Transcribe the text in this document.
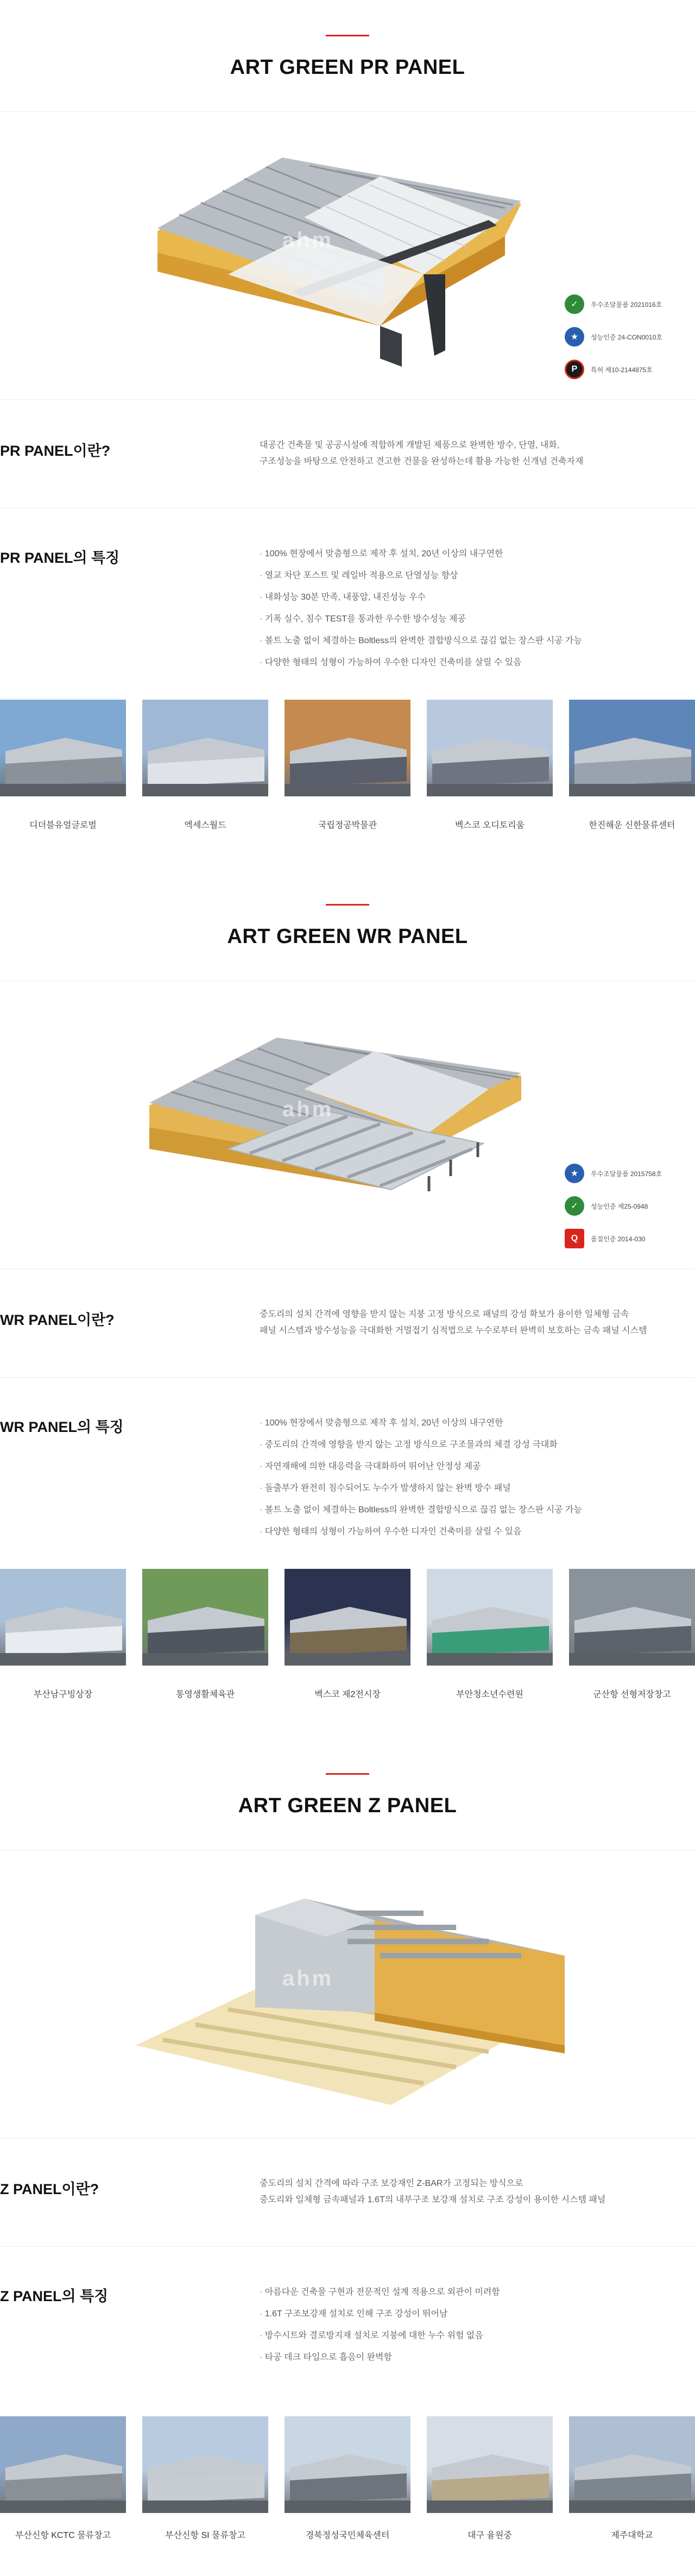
ART GREEN PR PANEL
ahm
✓	우수조달물품 2021016호
★	성능인증 24-CON0010호
P	특허 제10-2144875호
PR PANEL이란?	대공간 건축물 및 공공시설에 적합하게 개발된 제품으로 완벽한 방수, 단열, 내화,
구조성능을 바탕으로 안전하고 견고한 건물을 완성하는데 활용 가능한 신개념 건축자재
PR PANEL의 특징	· 100% 현장에서 맞춤형으로 제작 후 설치, 20년 이상의 내구연한
· 열교 차단 포스트 및 레일바 적용으로 단열성능 향상
· 내화성능 30분 만족, 내풍압, 내진성능 우수
· 기폭 실수, 침수 TEST를 통과한 우수한 방수성능 제공
· 볼트 노출 없이 체결하는 Boltless의 완벽한 결합방식으로 끊김 없는 장스판 시공 가능
· 다양한 형태의 성형이 가능하여 우수한 디자인 건축미를 살릴 수 있음
디더블유얼글로벌	엑세스월드	국립정공박물관	벡스코 오디토리움	한진해운 신한물류센터
ART GREEN WR PANEL
ahm
★	우수조달물품 2015758호
✓	성능인증 제25-0948
Q	품질인증 2014-030
WR PANEL이란?	중도리의 설치 간격에 영향을 받지 않는 지붕 고정 방식으로 패널의 강성 확보가 용이한 일체형 금속
패널 시스템과 방수성능을 극대화한 거멀접기 심적법으로 누수로부터 완벽히 보호하는 금속 패널 시스템
WR PANEL의 특징	· 100% 현장에서 맞춤형으로 제작 후 설치, 20년 이상의 내구연한
· 중도리의 간격에 영향을 받지 않는 고정 방식으로 구조물과의 체결 강성 극대화
· 자연재해에 의한 대응력을 극대화하여 뛰어난 안정성 제공
· 돌출부가 완전히 침수되어도 누수가 발생하지 않는 완벽 방수 패널
· 볼트 노출 없이 체결하는 Boltless의 완벽한 결합방식으로 끊김 없는 장스판 시공 가능
· 다양한 형태의 성형이 가능하여 우수한 디자인 건축미를 살릴 수 있음
부산남구빙상장	통영생활체육관	벡스코 제2전시장	부안청소년수련원	군산항 선형저장창고
ART GREEN Z PANEL
ahm
Z PANEL이란?	중도리의 설치 간격에 따라 구조 보강재인 Z-BAR가 고정되는 방식으로
중도리와 일체형 금속패널과 1.6T의 내부구조 보강재 설치로 구조 강성이 용이한 시스템 패널
Z PANEL의 특징	· 아름다운 건축물 구현과 전문적인 설계 적용으로 외관이 미려함
· 1.6T 구조보강재 설치로 인해 구조 강성이 뛰어남
· 방수시트와 결로방지재 설치로 지붕에 대한 누수 위험 없음
· 타공 데크 타입으로 흡음이 완벽함
부산신항 KCTC 물류창고	부산신항 SI 물류창고	경북정성국민체육센터	대구 율원중	제주대학교
